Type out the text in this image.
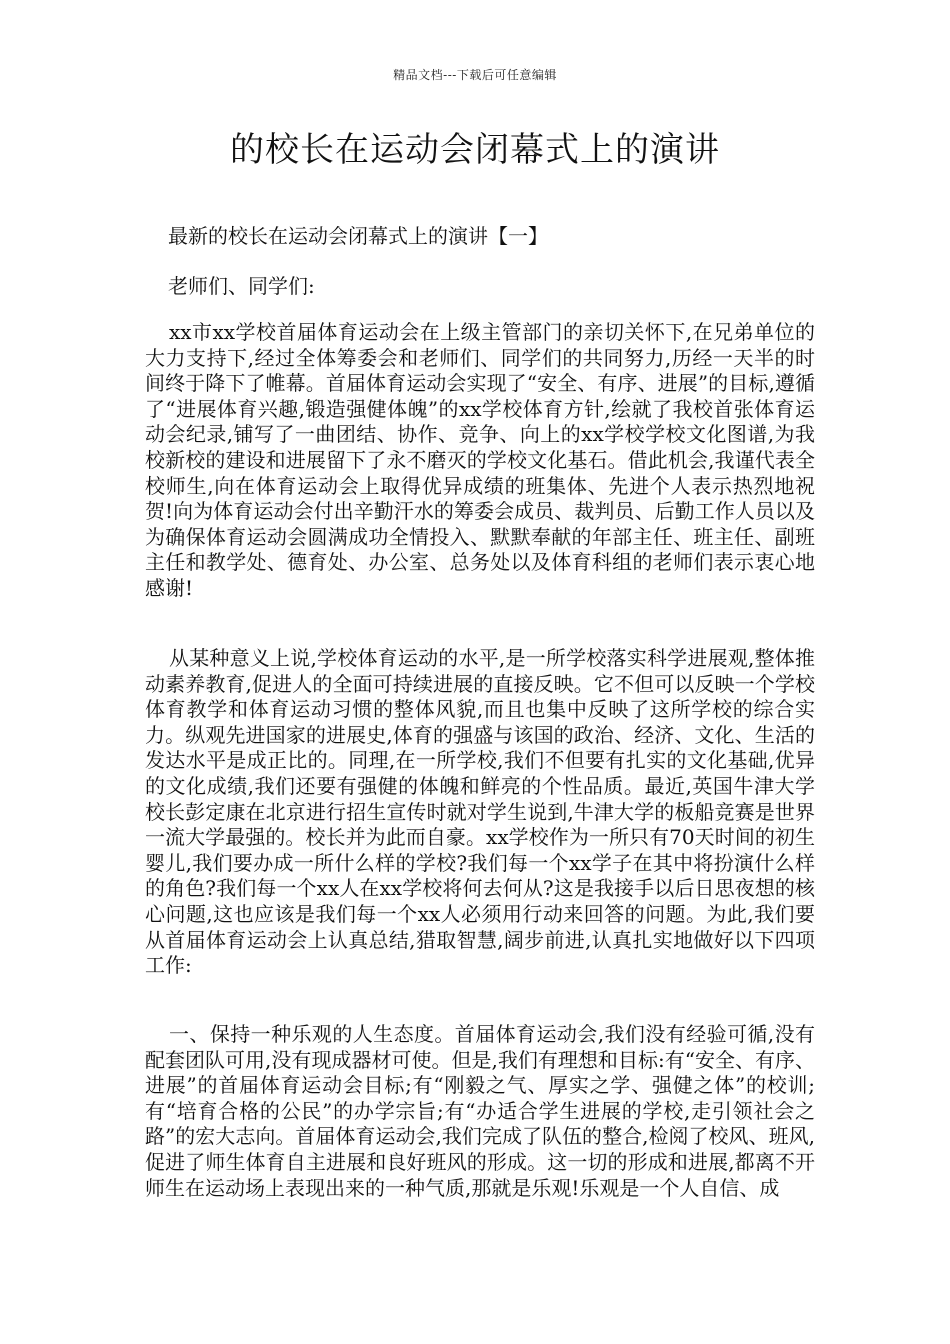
精品文档---下载后可任意编辑
的校长在运动会闭幕式上的演讲
最新的校长在运动会闭幕式上的演讲【一】
老师们、同学们:

xx市xx学校首届体育运动会在上级主管部门的亲切关怀下,在兄弟单位的大力支持下,经过全体筹委会和老师们、同学们的共同努力,历经一天半的时间终于降下了帷幕。首届体育运动会实现了“安全、有序、进展”的目标,遵循了“进展体育兴趣,锻造强健体魄”的xx学校体育方针,绘就了我校首张体育运动会纪录,铺写了一曲团结、协作、竞争、向上的xx学校学校文化图谱,为我校新校的建设和进展留下了永不磨灭的学校文化基石。借此机会,我谨代表全校师生,向在体育运动会上取得优异成绩的班集体、先进个人表示热烈地祝贺!向为体育运动会付出辛勤汗水的筹委会成员、裁判员、后勤工作人员以及为确保体育运动会圆满成功全情投入、默默奉献的年部主任、班主任、副班主任和教学处、德育处、办公室、总务处以及体育科组的老师们表示衷心地感谢!

从某种意义上说,学校体育运动的水平,是一所学校落实科学进展观,整体推动素养教育,促进人的全面可持续进展的直接反映。它不但可以反映一个学校体育教学和体育运动习惯的整体风貌,而且也集中反映了这所学校的综合实力。纵观先进国家的进展史,体育的强盛与该国的政治、经济、文化、生活的发达水平是成正比的。同理,在一所学校,我们不但要有扎实的文化基础,优异的文化成绩,我们还要有强健的体魄和鲜亮的个性品质。最近,英国牛津大学校长彭定康在北京进行招生宣传时就对学生说到,牛津大学的板船竞赛是世界一流大学最强的。校长并为此而自豪。xx学校作为一所只有70天时间的初生婴儿,我们要办成一所什么样的学校?我们每一个xx学子在其中将扮演什么样的角色?我们每一个xx人在xx学校将何去何从?这是我接手以后日思夜想的核心问题,这也应该是我们每一个xx人必须用行动来回答的问题。为此,我们要从首届体育运动会上认真总结,猎取智慧,阔步前进,认真扎实地做好以下四项工作:

一、保持一种乐观的人生态度。首届体育运动会,我们没有经验可循,没有配套团队可用,没有现成器材可使。但是,我们有理想和目标:有“安全、有序、进展”的首届体育运动会目标;有“刚毅之气、厚实之学、强健之体”的校训;有“培育合格的公民”的办学宗旨;有“办适合学生进展的学校,走引领社会之路”的宏大志向。首届体育运动会,我们完成了队伍的整合,检阅了校风、班风,促进了师生体育自主进展和良好班风的形成。这一切的形成和进展,都离不开师生在运动场上表现出来的一种气质,那就是乐观!乐观是一个人自信、成
